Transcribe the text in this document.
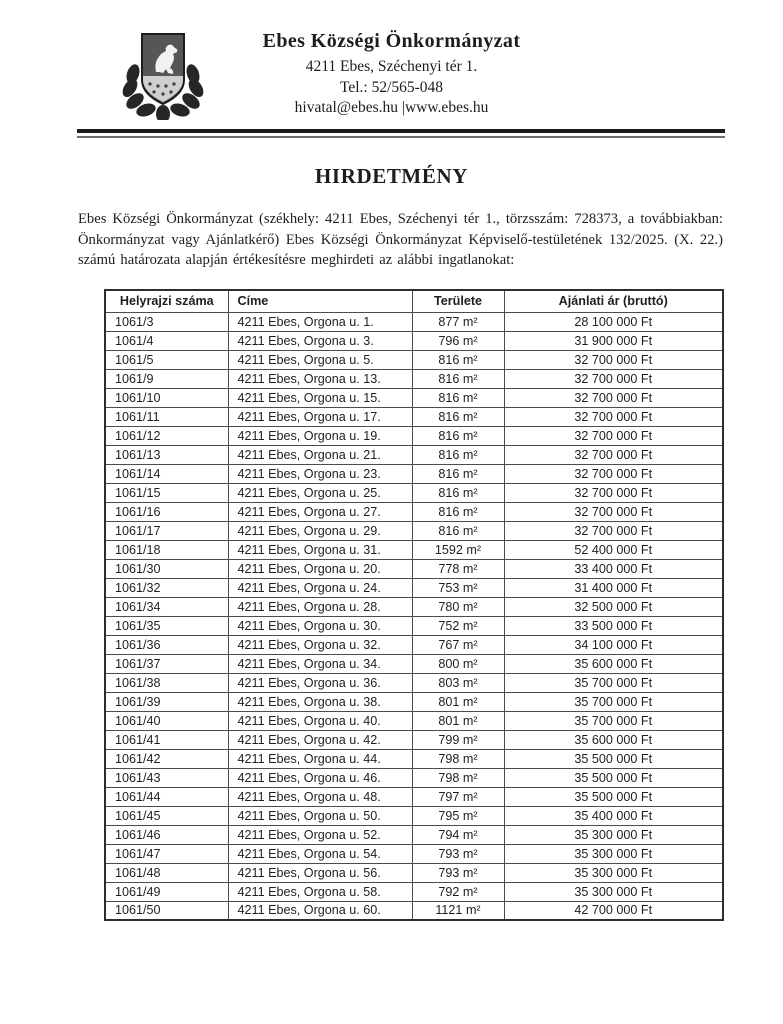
Ebes Községi Önkormányzat
4211 Ebes, Széchenyi tér 1.
Tel.: 52/565-048
hivatal@ebes.hu |www.ebes.hu
HIRDETMÉNY

Ebes Községi Önkormányzat (székhely: 4211 Ebes, Széchenyi tér 1., törzsszám: 728373, a továbbiakban: Önkormányzat vagy Ajánlatkérő) Ebes Községi Önkormányzat Képviselő-testületének 132/2025. (X. 22.) számú határozata alapján értékesítésre meghirdeti az alábbi ingatlanokat:

Helyrajzi száma	Címe	Területe	Ajánlati ár (bruttó)
1061/3	4211 Ebes, Orgona u. 1.	877 m²	28 100 000 Ft
1061/4	4211 Ebes, Orgona u. 3.	796 m²	31 900 000 Ft
1061/5	4211 Ebes, Orgona u. 5.	816 m²	32 700 000 Ft
1061/9	4211 Ebes, Orgona u. 13.	816 m²	32 700 000 Ft
1061/10	4211 Ebes, Orgona u. 15.	816 m²	32 700 000 Ft
1061/11	4211 Ebes, Orgona u. 17.	816 m²	32 700 000 Ft
1061/12	4211 Ebes, Orgona u. 19.	816 m²	32 700 000 Ft
1061/13	4211 Ebes, Orgona u. 21.	816 m²	32 700 000 Ft
1061/14	4211 Ebes, Orgona u. 23.	816 m²	32 700 000 Ft
1061/15	4211 Ebes, Orgona u. 25.	816 m²	32 700 000 Ft
1061/16	4211 Ebes, Orgona u. 27.	816 m²	32 700 000 Ft
1061/17	4211 Ebes, Orgona u. 29.	816 m²	32 700 000 Ft
1061/18	4211 Ebes, Orgona u. 31.	1592 m²	52 400 000 Ft
1061/30	4211 Ebes, Orgona u. 20.	778 m²	33 400 000 Ft
1061/32	4211 Ebes, Orgona u. 24.	753 m²	31 400 000 Ft
1061/34	4211 Ebes, Orgona u. 28.	780 m²	32 500 000 Ft
1061/35	4211 Ebes, Orgona u. 30.	752 m²	33 500 000 Ft
1061/36	4211 Ebes, Orgona u. 32.	767 m²	34 100 000 Ft
1061/37	4211 Ebes, Orgona u. 34.	800 m²	35 600 000 Ft
1061/38	4211 Ebes, Orgona u. 36.	803 m²	35 700 000 Ft
1061/39	4211 Ebes, Orgona u. 38.	801 m²	35 700 000 Ft
1061/40	4211 Ebes, Orgona u. 40.	801 m²	35 700 000 Ft
1061/41	4211 Ebes, Orgona u. 42.	799 m²	35 600 000 Ft
1061/42	4211 Ebes, Orgona u. 44.	798 m²	35 500 000 Ft
1061/43	4211 Ebes, Orgona u. 46.	798 m²	35 500 000 Ft
1061/44	4211 Ebes, Orgona u. 48.	797 m²	35 500 000 Ft
1061/45	4211 Ebes, Orgona u. 50.	795 m²	35 400 000 Ft
1061/46	4211 Ebes, Orgona u. 52.	794 m²	35 300 000 Ft
1061/47	4211 Ebes, Orgona u. 54.	793 m²	35 300 000 Ft
1061/48	4211 Ebes, Orgona u. 56.	793 m²	35 300 000 Ft
1061/49	4211 Ebes, Orgona u. 58.	792 m²	35 300 000 Ft
1061/50	4211 Ebes, Orgona u. 60.	1121 m²	42 700 000 Ft
